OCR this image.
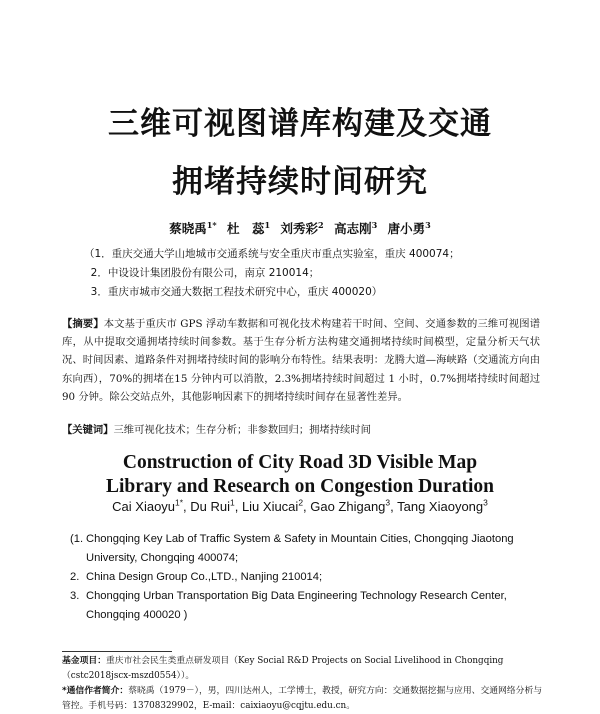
三维可视图谱库构建及交通
拥堵持续时间研究
蔡晓禹$^{1*}$ 杜　蕊$^1$ 刘秀彩$^2$ 高志刚$^3$ 唐小勇$^3$
（1．重庆交通大学山地城市交通系统与安全重庆市重点实验室，重庆 400074；
2．中设设计集团股份有限公司，南京 210014；
3．重庆市城市交通大数据工程技术研究中心，重庆 400020）
【摘要】本文基于重庆市 GPS 浮动车数据和可视化技术构建若干时间、空间、交通参数的三维可视图谱库，从中提取交通拥堵持续时间参数。基于生存分析方法构建交通拥堵持续时间模型，定量分析天气状况、时间因素、道路条件对拥堵持续时间的影响分布特性。结果表明：龙腾大道—海峡路（交通流方向由东向西），70%的拥堵在15 分钟内可以消散，2.3%拥堵持续时间超过 1 小时，0.7%拥堵持续时间超过 90 分钟。除公交站点外，其他影响因素下的拥堵持续时间存在显著性差异。
【关键词】三维可视化技术；生存分析；非参数回归；拥堵持续时间
Construction of City Road 3D Visible Map
Library and Research on Congestion Duration
Cai Xiaoyu$^{1*}$, Du Rui$^1$, Liu Xiucai$^2$, Gao Zhigang$^3$, Tang Xiaoyong$^3$
(1. Chongqing Key Lab of Traffic System & Safety in Mountain Cities, Chongqing Jiaotong University, Chongqing 400074;
2. China Design Group Co.,LTD., Nanjing 210014;
3. Chongqing Urban Transportation Big Data Engineering Technology Research Center, Chongqing 400020 )
基金项目：重庆市社会民生类重点研发项目（Key Social R&D Projects on Social Livelihood in Chongqing（cstc2018jscx-mszd0554））。
*通信作者简介：蔡晓禹（1979－），男，四川达州人，工学博士，教授，研究方向：交通数据挖掘与应用、交通网络分析与管控。手机号码：13708329902，E-mail：caixiaoyu@cqjtu.edu.cn。
